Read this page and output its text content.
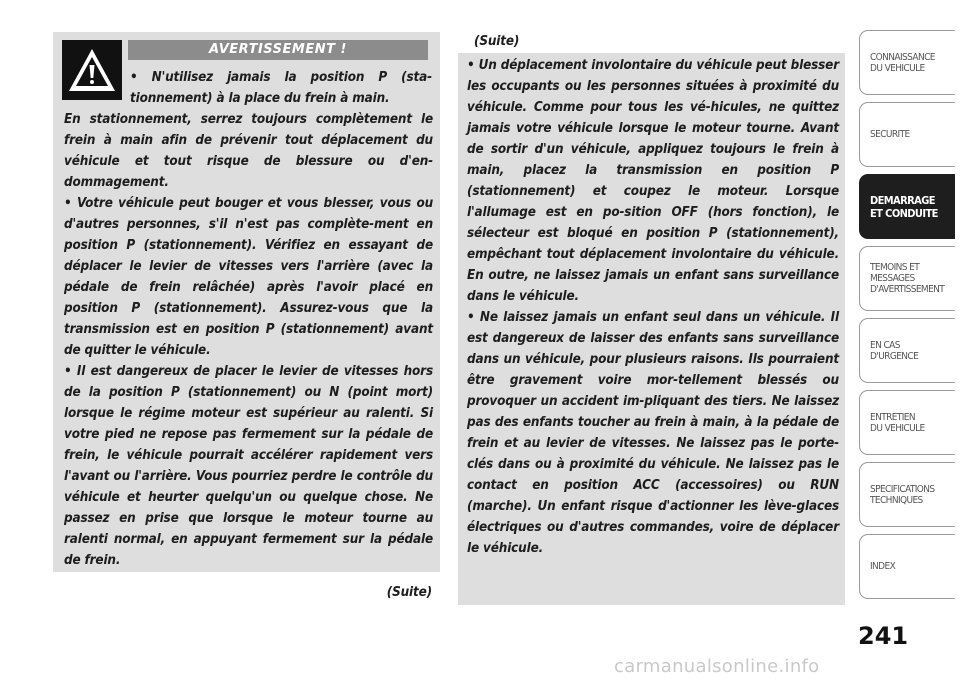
AVERTISSEMENT !
• N'utilisez jamais la position P (sta-tionnement) à la place du frein à main.

En stationnement, serrez toujours complètement le frein à main afin de prévenir tout déplacement du véhicule et tout risque de blessure ou d'en-dommagement.

• Votre véhicule peut bouger et vous blesser, vous ou d'autres personnes, s'il n'est pas complète-ment en position P (stationnement). Vérifiez en essayant de déplacer le levier de vitesses vers l'arrière (avec la pédale de frein relâchée) après l'avoir placé en position P (stationnement). Assurez-vous que la transmission est en position P (stationnement) avant de quitter le véhicule.

• Il est dangereux de placer le levier de vitesses hors de la position P (stationnement) ou N (point mort) lorsque le régime moteur est supérieur au ralenti. Si votre pied ne repose pas fermement sur la pédale de frein, le véhicule pourrait accélérer rapidement vers l'avant ou l'arrière. Vous pourriez perdre le contrôle du véhicule et heurter quelqu'un ou quelque chose. Ne passez en prise que lorsque le moteur tourne au ralenti normal, en appuyant fermement sur la pédale de frein.

(Suite)
(Suite)

• Un déplacement involontaire du véhicule peut blesser les occupants ou les personnes situées à proximité du véhicule. Comme pour tous les vé-hicules, ne quittez jamais votre véhicule lorsque le moteur tourne. Avant de sortir d'un véhicule, appliquez toujours le frein à main, placez la transmission en position P (stationnement) et coupez le moteur. Lorsque l'allumage est en po-sition OFF (hors fonction), le sélecteur est bloqué en position P (stationnement), empêchant tout déplacement involontaire du véhicule. En outre, ne laissez jamais un enfant sans surveillance dans le véhicule.

• Ne laissez jamais un enfant seul dans un véhicule. Il est dangereux de laisser des enfants sans surveillance dans un véhicule, pour plusieurs raisons. Ils pourraient être gravement voire mor-tellement blessés ou provoquer un accident im-pliquant des tiers. Ne laissez pas des enfants toucher au frein à main, à la pédale de frein et au levier de vitesses. Ne laissez pas le porte-clés dans ou à proximité du véhicule. Ne laissez pas le contact en position ACC (accessoires) ou RUN (marche). Un enfant risque d'actionner les lève-glaces électriques ou d'autres commandes, voire de déplacer le véhicule.

CONNAISSANCE
DU VEHICULE
SECURITE
DEMARRAGE
ET CONDUITE
TEMOINS ET
MESSAGES
D'AVERTISSEMENT
EN CAS
D'URGENCE
ENTRETIEN
DU VEHICULE
SPECIFICATIONS
TECHNIQUES
INDEX
241
carmanualsonline.info
